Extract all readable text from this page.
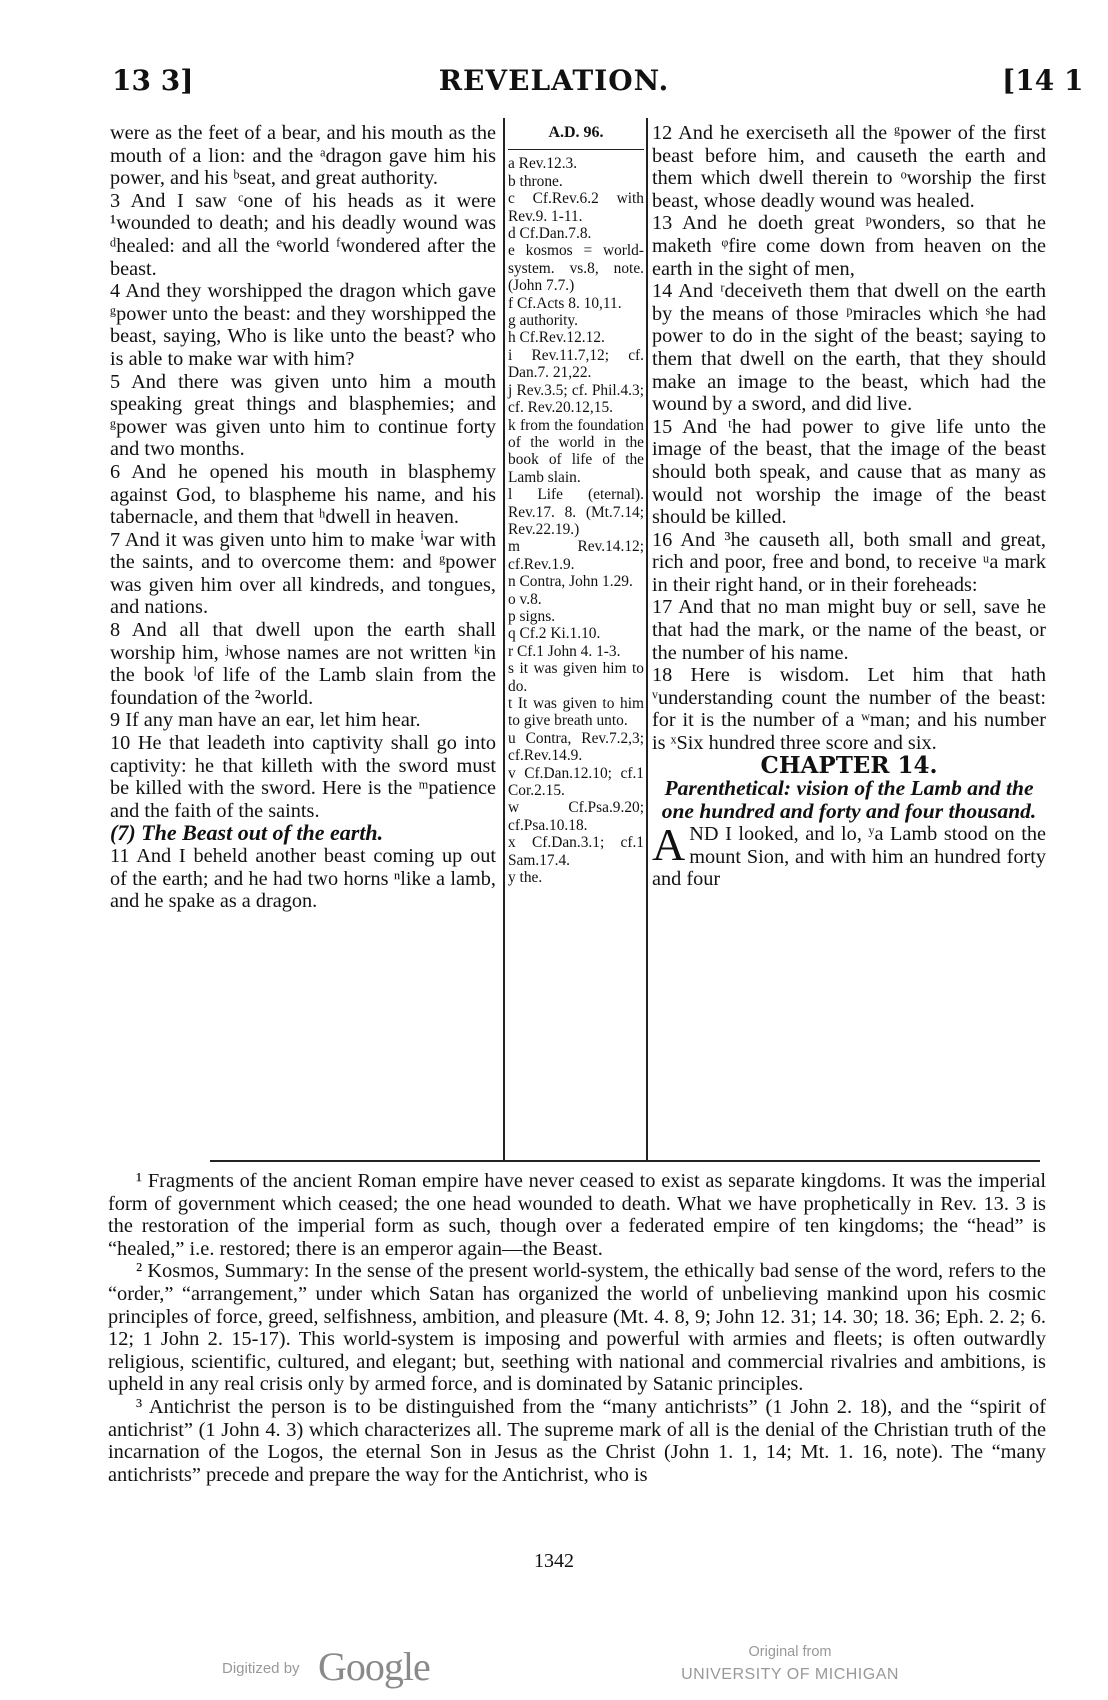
13 3]	REVELATION.	[14 1

were as the feet of a bear, and his mouth as the mouth of a lion: and the ᵃdragon gave him his power, and his ᵇseat, and great authority.

3 And I saw ᶜone of his heads as it were ¹wounded to death; and his deadly wound was ᵈhealed: and all the ᵉworld ᶠwondered after the beast.

4 And they worshipped the dragon which gave ᵍpower unto the beast: and they worshipped the beast, saying, Who is like unto the beast? who is able to make war with him?

5 And there was given unto him a mouth speaking great things and blasphemies; and ᵍpower was given unto him to continue forty and two months.

6 And he opened his mouth in blasphemy against God, to blaspheme his name, and his tabernacle, and them that ʰdwell in heaven.

7 And it was given unto him to make ⁱwar with the saints, and to overcome them: and ᵍpower was given him over all kindreds, and tongues, and nations.

8 And all that dwell upon the earth shall worship him, ʲwhose names are not written ᵏin the book ˡof life of the Lamb slain from the foundation of the ²world.

9 If any man have an ear, let him hear.

10 He that leadeth into captivity shall go into captivity: he that killeth with the sword must be killed with the sword. Here is the ᵐpatience and the faith of the saints.

(7) The Beast out of the earth.

11 And I beheld another beast coming up out of the earth; and he had two horns ⁿlike a lamb, and he spake as a dragon.

A.D. 96.

a Rev.12.3.

b throne.

c Cf.Rev.6.2 with Rev.9. 1-11.

d Cf.Dan.7.8.

e kosmos = world-system. vs.8, note. (John 7.7.)

f Cf.Acts 8. 10,11.

g authority.

h Cf.Rev.12.12.

i Rev.11.7,12; cf. Dan.7. 21,22.

j Rev.3.5; cf. Phil.4.3; cf. Rev.20.12,15.

k from the foundation of the world in the book of life of the Lamb slain.

l Life (eternal). Rev.17. 8. (Mt.7.14; Rev.22.19.)

m Rev.14.12; cf.Rev.1.9.

n Contra, John 1.29.

o v.8.

p signs.

q Cf.2 Ki.1.10.

r Cf.1 John 4. 1-3.

s it was given him to do.

t It was given to him to give breath unto.

u Contra, Rev.7.2,3; cf.Rev.14.9.

v Cf.Dan.12.10; cf.1 Cor.2.15.

w Cf.Psa.9.20; cf.Psa.10.18.

x Cf.Dan.3.1; cf.1 Sam.17.4.

y the.

12 And he exerciseth all the ᵍpower of the first beast before him, and causeth the earth and them which dwell therein to ᵒworship the first beast, whose deadly wound was healed.

13 And he doeth great ᵖwonders, so that he maketh ᵠfire come down from heaven on the earth in the sight of men,

14 And ʳdeceiveth them that dwell on the earth by the means of those ᵖmiracles which ˢhe had power to do in the sight of the beast; saying to them that dwell on the earth, that they should make an image to the beast, which had the wound by a sword, and did live.

15 And ᵗhe had power to give life unto the image of the beast, that the image of the beast should both speak, and cause that as many as would not worship the image of the beast should be killed.

16 And ³he causeth all, both small and great, rich and poor, free and bond, to receive ᵘa mark in their right hand, or in their foreheads:

17 And that no man might buy or sell, save he that had the mark, or the name of the beast, or the number of his name.

18 Here is wisdom. Let him that hath ᵛunderstanding count the number of the beast: for it is the number of a ʷman; and his number is ˣSix hundred three score and six.

CHAPTER 14.

Parenthetical: vision of the Lamb and the one hundred and forty and four thousand.

AND I looked, and lo, ʸa Lamb stood on the mount Sion, and with him an hundred forty and four

¹ Fragments of the ancient Roman empire have never ceased to exist as separate kingdoms. It was the imperial form of government which ceased; the one head wounded to death. What we have prophetically in Rev. 13. 3 is the restoration of the imperial form as such, though over a federated empire of ten kingdoms; the “head” is “healed,” i.e. restored; there is an emperor again—the Beast.

² Kosmos, Summary: In the sense of the present world-system, the ethically bad sense of the word, refers to the “order,” “arrangement,” under which Satan has organized the world of unbelieving mankind upon his cosmic principles of force, greed, selfishness, ambition, and pleasure (Mt. 4. 8, 9; John 12. 31; 14. 30; 18. 36; Eph. 2. 2; 6. 12; 1 John 2. 15-17). This world-system is imposing and powerful with armies and fleets; is often outwardly religious, scientific, cultured, and elegant; but, seething with national and commercial rivalries and ambitions, is upheld in any real crisis only by armed force, and is dominated by Satanic principles.

³ Antichrist the person is to be distinguished from the “many antichrists” (1 John 2. 18), and the “spirit of antichrist” (1 John 4. 3) which characterizes all. The supreme mark of all is the denial of the Christian truth of the incarnation of the Logos, the eternal Son in Jesus as the Christ (John 1. 1, 14; Mt. 1. 16, note). The “many antichrists” precede and prepare the way for the Antichrist, who is

1342
Digitized by Google	Original from
UNIVERSITY OF MICHIGAN
